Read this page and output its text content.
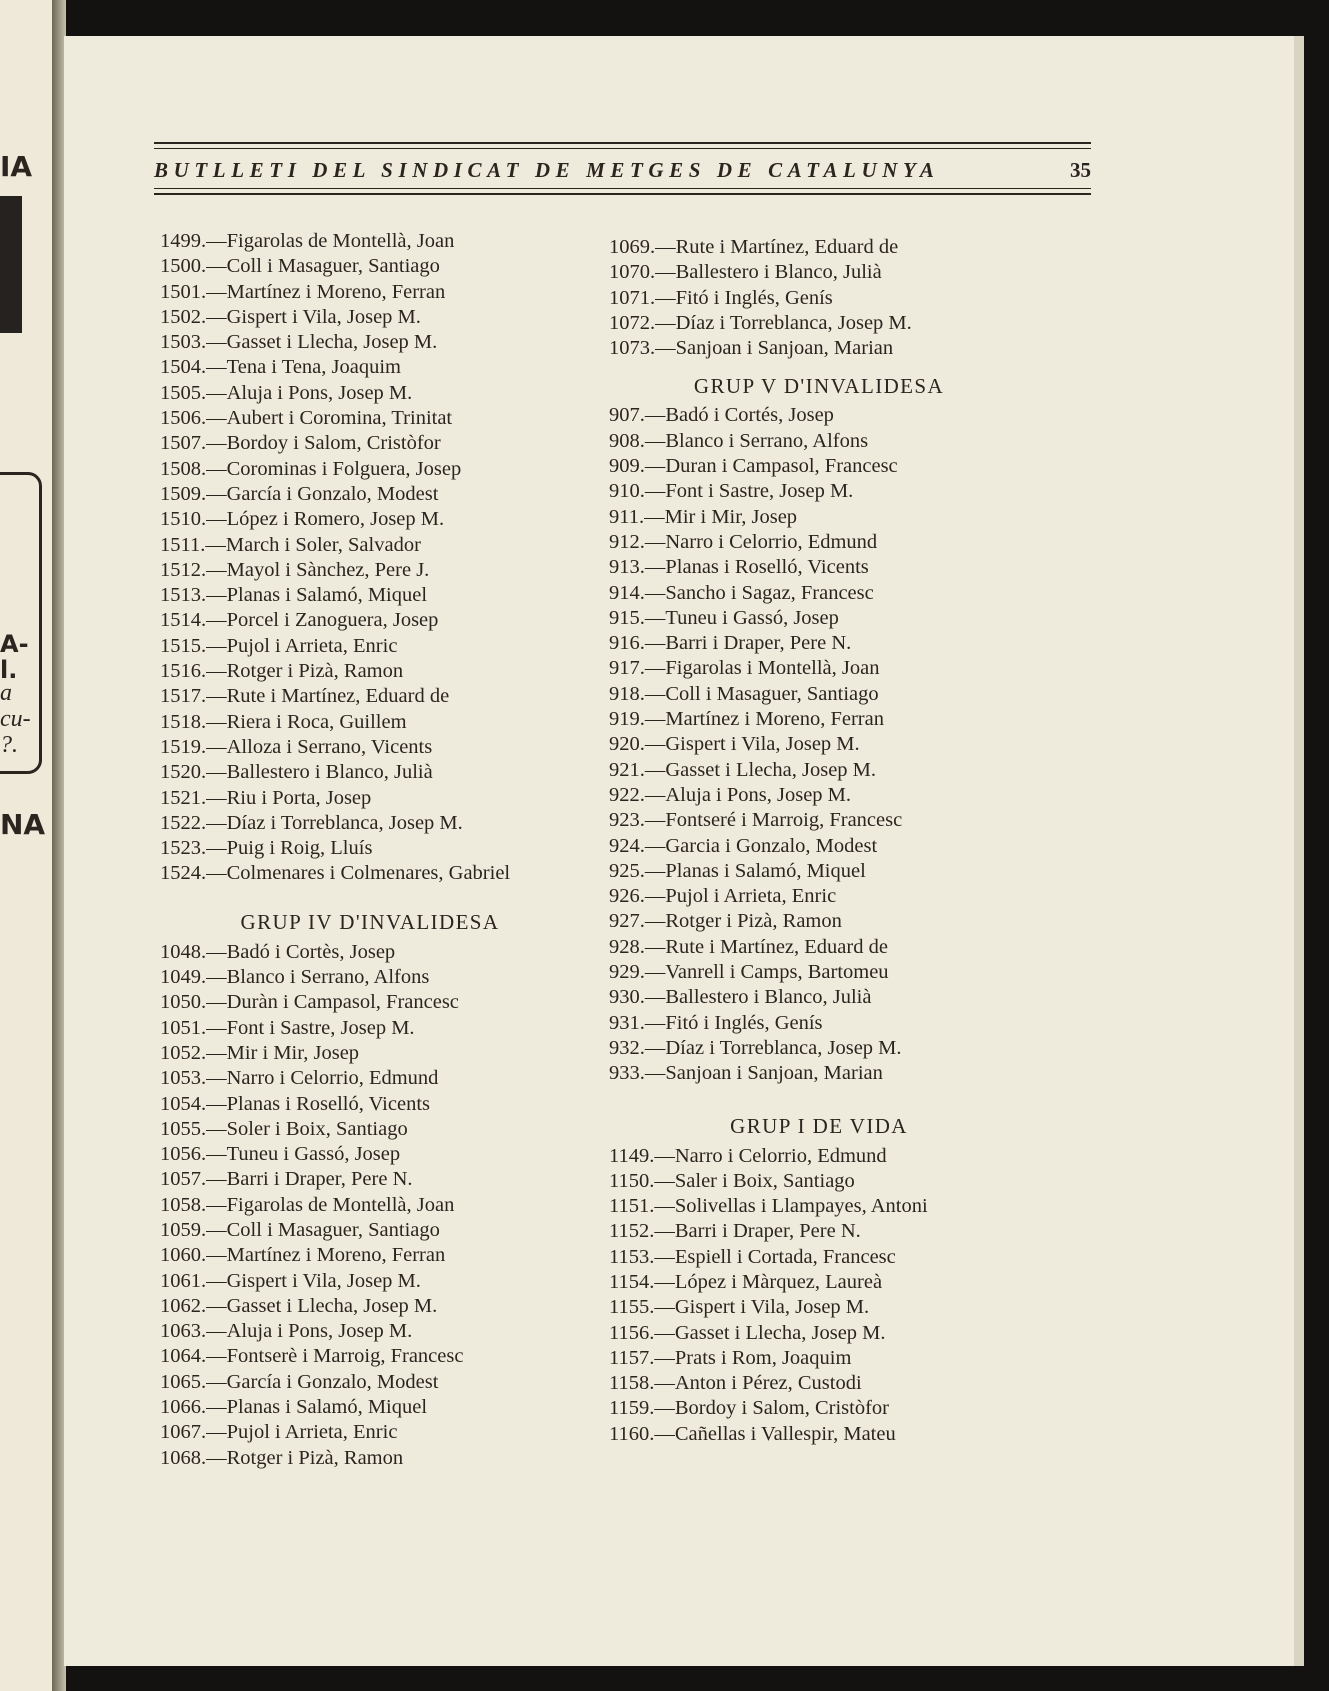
IA
A-
l.
a
cu-
?.
NA
BUTLLETI DEL SINDICAT DE METGES DE CATALUNYA	35
1499.—Figarolas de Montellà, Joan
1500.—Coll i Masaguer, Santiago
1501.—Martínez i Moreno, Ferran
1502.—Gispert i Vila, Josep M.
1503.—Gasset i Llecha, Josep M.
1504.—Tena i Tena, Joaquim
1505.—Aluja i Pons, Josep M.
1506.—Aubert i Coromina, Trinitat
1507.—Bordoy i Salom, Cristòfor
1508.—Corominas i Folguera, Josep
1509.—García i Gonzalo, Modest
1510.—López i Romero, Josep M.
1511.—March i Soler, Salvador
1512.—Mayol i Sànchez, Pere J.
1513.—Planas i Salamó, Miquel
1514.—Porcel i Zanoguera, Josep
1515.—Pujol i Arrieta, Enric
1516.—Rotger i Pizà, Ramon
1517.—Rute i Martínez, Eduard de
1518.—Riera i Roca, Guillem
1519.—Alloza i Serrano, Vicents
1520.—Ballestero i Blanco, Julià
1521.—Riu i Porta, Josep
1522.—Díaz i Torreblanca, Josep M.
1523.—Puig i Roig, Lluís
1524.—Colmenares i Colmenares, Gabriel
GRUP IV D'INVALIDESA
1048.—Badó i Cortès, Josep
1049.—Blanco i Serrano, Alfons
1050.—Duràn i Campasol, Francesc
1051.—Font i Sastre, Josep M.
1052.—Mir i Mir, Josep
1053.—Narro i Celorrio, Edmund
1054.—Planas i Roselló, Vicents
1055.—Soler i Boix, Santiago
1056.—Tuneu i Gassó, Josep
1057.—Barri i Draper, Pere N.
1058.—Figarolas de Montellà, Joan
1059.—Coll i Masaguer, Santiago
1060.—Martínez i Moreno, Ferran
1061.—Gispert i Vila, Josep M.
1062.—Gasset i Llecha, Josep M.
1063.—Aluja i Pons, Josep M.
1064.—Fontserè i Marroig, Francesc
1065.—García i Gonzalo, Modest
1066.—Planas i Salamó, Miquel
1067.—Pujol i Arrieta, Enric
1068.—Rotger i Pizà, Ramon
1069.—Rute i Martínez, Eduard de
1070.—Ballestero i Blanco, Julià
1071.—Fitó i Inglés, Genís
1072.—Díaz i Torreblanca, Josep M.
1073.—Sanjoan i Sanjoan, Marian
GRUP V D'INVALIDESA
907.—Badó i Cortés, Josep
908.—Blanco i Serrano, Alfons
909.—Duran i Campasol, Francesc
910.—Font i Sastre, Josep M.
911.—Mir i Mir, Josep
912.—Narro i Celorrio, Edmund
913.—Planas i Roselló, Vicents
914.—Sancho i Sagaz, Francesc
915.—Tuneu i Gassó, Josep
916.—Barri i Draper, Pere N.
917.—Figarolas i Montellà, Joan
918.—Coll i Masaguer, Santiago
919.—Martínez i Moreno, Ferran
920.—Gispert i Vila, Josep M.
921.—Gasset i Llecha, Josep M.
922.—Aluja i Pons, Josep M.
923.—Fontseré i Marroig, Francesc
924.—Garcia i Gonzalo, Modest
925.—Planas i Salamó, Miquel
926.—Pujol i Arrieta, Enric
927.—Rotger i Pizà, Ramon
928.—Rute i Martínez, Eduard de
929.—Vanrell i Camps, Bartomeu
930.—Ballestero i Blanco, Julià
931.—Fitó i Inglés, Genís
932.—Díaz i Torreblanca, Josep M.
933.—Sanjoan i Sanjoan, Marian
GRUP I DE VIDA
1149.—Narro i Celorrio, Edmund
1150.—Saler i Boix, Santiago
1151.—Solivellas i Llampayes, Antoni
1152.—Barri i Draper, Pere N.
1153.—Espiell i Cortada, Francesc
1154.—López i Màrquez, Laureà
1155.—Gispert i Vila, Josep M.
1156.—Gasset i Llecha, Josep M.
1157.—Prats i Rom, Joaquim
1158.—Anton i Pérez, Custodi
1159.—Bordoy i Salom, Cristòfor
1160.—Cañellas i Vallespir, Mateu
